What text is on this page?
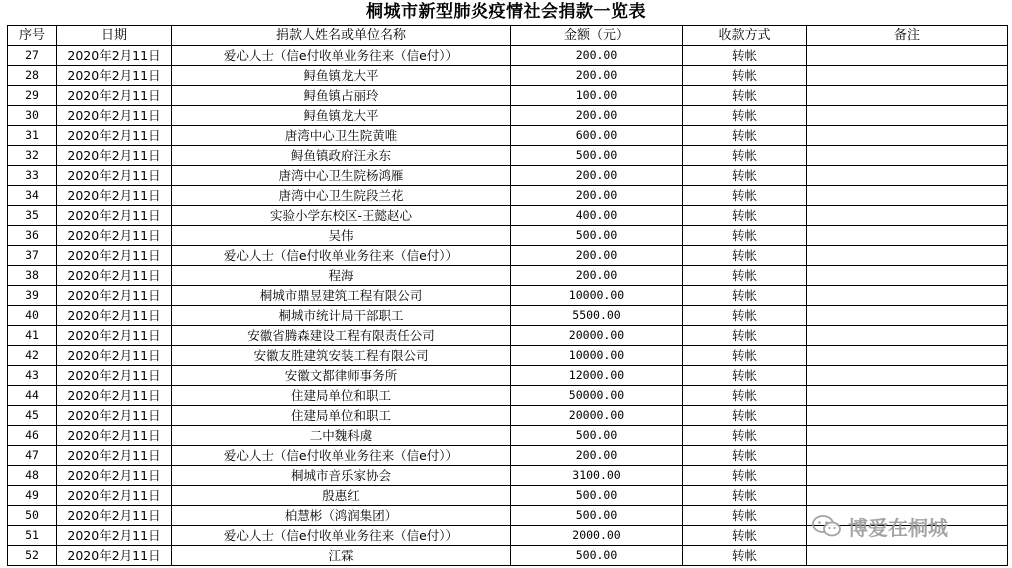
桐城市新型肺炎疫情社会捐款一览表
序号	日期	捐款人姓名或单位名称	金额（元）	收款方式	备注
27	2020年2月11日	爱心人士（信e付收单业务往来（信e付））	200.00	转帐	
28	2020年2月11日	鲟鱼镇龙大平	200.00	转帐	
29	2020年2月11日	鲟鱼镇占丽玲	100.00	转帐	
30	2020年2月11日	鲟鱼镇龙大平	200.00	转帐	
31	2020年2月11日	唐湾中心卫生院黄唯	600.00	转帐	
32	2020年2月11日	鲟鱼镇政府汪永东	500.00	转帐	
33	2020年2月11日	唐湾中心卫生院杨鸿雁	200.00	转帐	
34	2020年2月11日	唐湾中心卫生院段兰花	200.00	转帐	
35	2020年2月11日	实验小学东校区-王懿赵心	400.00	转帐	
36	2020年2月11日	吴伟	500.00	转帐	
37	2020年2月11日	爱心人士（信e付收单业务往来（信e付））	200.00	转帐	
38	2020年2月11日	程海	200.00	转帐	
39	2020年2月11日	桐城市鼎昱建筑工程有限公司	10000.00	转帐	
40	2020年2月11日	桐城市统计局干部职工	5500.00	转帐	
41	2020年2月11日	安徽省腾森建设工程有限责任公司	20000.00	转帐	
42	2020年2月11日	安徽友胜建筑安装工程有限公司	10000.00	转帐	
43	2020年2月11日	安徽文都律师事务所	12000.00	转帐	
44	2020年2月11日	住建局单位和职工	50000.00	转帐	
45	2020年2月11日	住建局单位和职工	20000.00	转帐	
46	2020年2月11日	二中魏科虞	500.00	转帐	
47	2020年2月11日	爱心人士（信e付收单业务往来（信e付））	200.00	转帐	
48	2020年2月11日	桐城市音乐家协会	3100.00	转帐	
49	2020年2月11日	殷惠红	500.00	转帐	
50	2020年2月11日	柏慧彬（鸿润集团）	500.00	转帐	
51	2020年2月11日	爱心人士（信e付收单业务往来（信e付））	2000.00	转帐	
52	2020年2月11日	江霖	500.00	转帐	
博爱在桐城
